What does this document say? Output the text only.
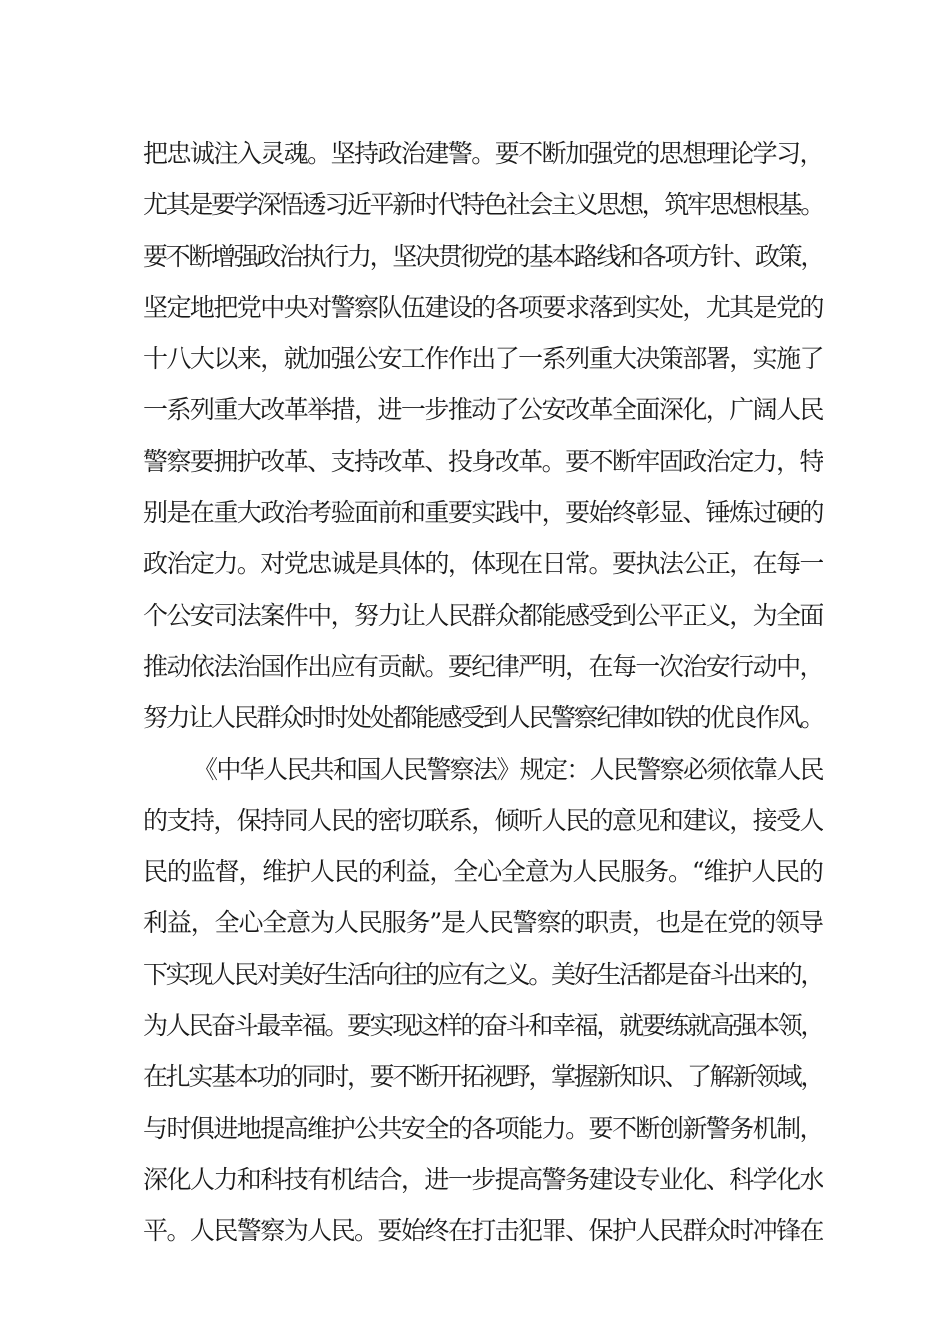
把忠诚注入灵魂。坚持政治建警。要不断加强党的思想理论学习，
尤其是要学深悟透习近平新时代特色社会主义思想，筑牢思想根基。
要不断增强政治执行力，坚决贯彻党的基本路线和各项方针、政策，
坚定地把党中央对警察队伍建设的各项要求落到实处，尤其是党的
十八大以来，就加强公安工作作出了一系列重大决策部署，实施了
一系列重大改革举措，进一步推动了公安改革全面深化，广阔人民
警察要拥护改革、支持改革、投身改革。要不断牢固政治定力，特
别是在重大政治考验面前和重要实践中，要始终彰显、锤炼过硬的
政治定力。对党忠诚是具体的，体现在日常。要执法公正，在每一
个公安司法案件中，努力让人民群众都能感受到公平正义，为全面
推动依法治国作出应有贡献。要纪律严明，在每一次治安行动中，
努力让人民群众时时处处都能感受到人民警察纪律如铁的优良作风。
《中华人民共和国人民警察法》规定：人民警察必须依靠人民
的支持，保持同人民的密切联系，倾听人民的意见和建议，接受人
民的监督，维护人民的利益，全心全意为人民服务。“维护人民的
利益，全心全意为人民服务”是人民警察的职责，也是在党的领导
下实现人民对美好生活向往的应有之义。美好生活都是奋斗出来的，
为人民奋斗最幸福。要实现这样的奋斗和幸福，就要练就高强本领，
在扎实基本功的同时，要不断开拓视野，掌握新知识、了解新领域，
与时俱进地提高维护公共安全的各项能力。要不断创新警务机制，
深化人力和科技有机结合，进一步提高警务建设专业化、科学化水
平。人民警察为人民。要始终在打击犯罪、保护人民群众时冲锋在
